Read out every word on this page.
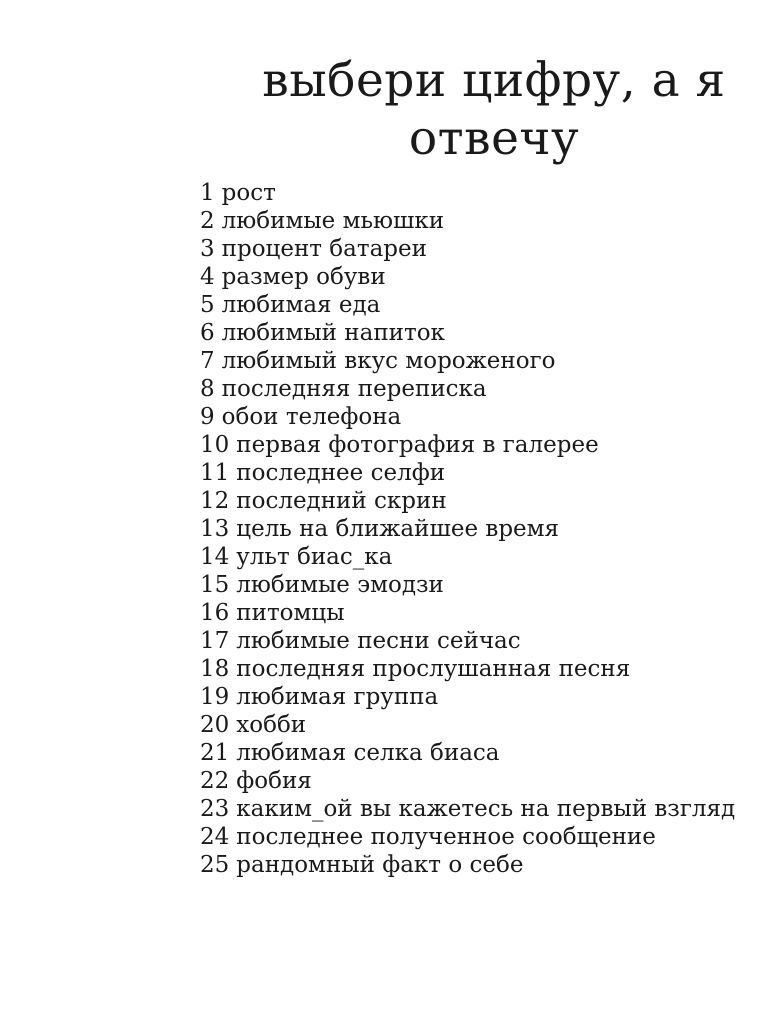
выбери цифру, а я отвечу
1 рост
2 любимые мьюшки
3 процент батареи
4 размер обуви
5 любимая еда
6 любимый напиток
7 любимый вкус мороженого
8 последняя переписка
9 обои телефона
10 первая фотография в галерее
11 последнее селфи
12 последний скрин
13 цель на ближайшее время
14 ульт биас_ка
15 любимые эмодзи
16 питомцы
17 любимые песни сейчас
18 последняя прослушанная песня
19 любимая группа
20 хобби
21 любимая селка биаса
22 фобия
23 каким_ой вы кажетесь на первый взгляд
24 последнее полученное сообщение
25 рандомный факт о себе
